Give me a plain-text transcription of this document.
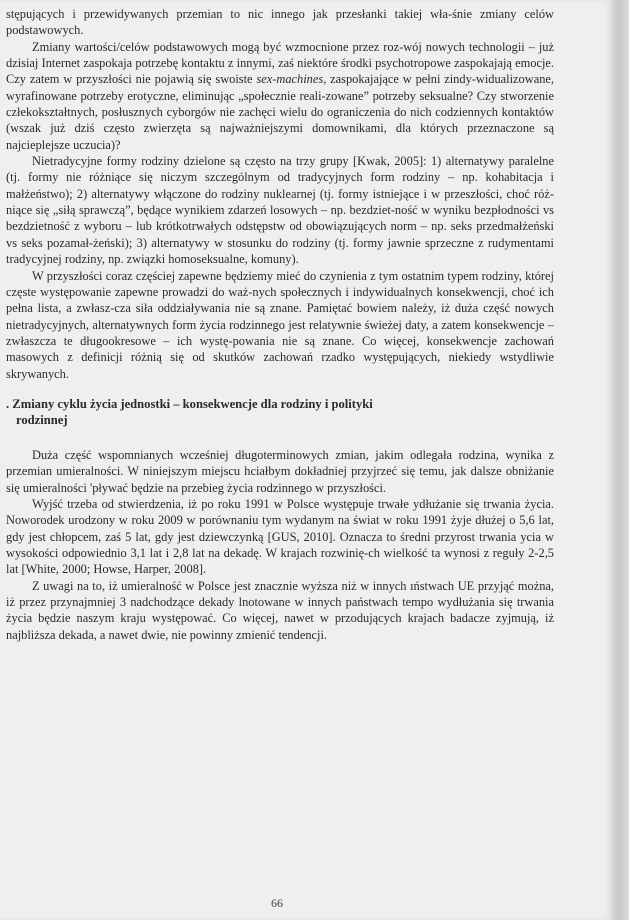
stępujących i przewidywanych przemian to nic innego jak przesłanki takiej wła-śnie zmiany celów podstawowych.

Zmiany wartości/celów podstawowych mogą być wzmocnione przez roz-wój nowych technologii – już dzisiaj Internet zaspokaja potrzebę kontaktu z innymi, zaś niektóre środki psychotropowe zaspokajają emocje. Czy zatem w przyszłości nie pojawią się swoiste sex-machines, zaspokajające w pełni zindy-widualizowane, wyrafinowane potrzeby erotyczne, eliminując „społecznie reali-zowane” potrzeby seksualne? Czy stworzenie człekokształtnych, posłusznych cyborgów nie zachęci wielu do ograniczenia do nich codziennych kontaktów (wszak już dziś często zwierzęta są najważniejszymi domownikami, dla których przeznaczone są najcieplejsze uczucia)?

Nietradycyjne formy rodziny dzielone są często na trzy grupy [Kwak, 2005]: 1) alternatywy paralelne (tj. formy nie różniące się niczym szczególnym od tradycyjnych form rodziny – np. kohabitacja i małżeństwo); 2) alternatywy włączone do rodziny nuklearnej (tj. formy istniejące i w przeszłości, choć róż-niące się „siłą sprawczą”, będące wynikiem zdarzeń losowych – np. bezdziet-ność w wyniku bezpłodności vs bezdzietność z wyboru – lub krótkotrwałych odstępstw od obowiązujących norm – np. seks przedmałżeński vs seks pozamał-żeński); 3) alternatywy w stosunku do rodziny (tj. formy jawnie sprzeczne z rudymentami tradycyjnej rodziny, np. związki homoseksualne, komuny).

W przyszłości coraz częściej zapewne będziemy mieć do czynienia z tym ostatnim typem rodziny, której częste występowanie zapewne prowadzi do waż-nych społecznych i indywidualnych konsekwencji, choć ich pełna lista, a zwłasz-cza siła oddziaływania nie są znane. Pamiętać bowiem należy, iż duża część nowych nietradycyjnych, alternatywnych form życia rodzinnego jest relatywnie świeżej daty, a zatem konsekwencje – zwłaszcza te długookresowe – ich wystę-powania nie są znane. Co więcej, konsekwencje zachowań masowych z definicji różnią się od skutków zachowań rzadko występujących, niekiedy wstydliwie skrywanych.

. Zmiany cyklu życia jednostki – konsekwencje dla rodziny i polityki
rodzinnej

Duża część wspomnianych wcześniej długoterminowych zmian, jakim odlegała rodzina, wynika z przemian umieralności. W niniejszym miejscu hciałbym dokładniej przyjrzeć się temu, jak dalsze obniżanie się umieralności 'pływać będzie na przebieg życia rodzinnego w przyszłości.

Wyjść trzeba od stwierdzenia, iż po roku 1991 w Polsce występuje trwałe ydłużanie się trwania życia. Noworodek urodzony w roku 2009 w porównaniu tym wydanym na świat w roku 1991 żyje dłużej o 5,6 lat, gdy jest chłopcem, zaś 5 lat, gdy jest dziewczynką [GUS, 2010]. Oznacza to średni przyrost trwania ycia w wysokości odpowiednio 3,1 lat i 2,8 lat na dekadę. W krajach rozwinię-ch wielkość ta wynosi z reguły 2-2,5 lat [White, 2000; Howse, Harper, 2008].

Z uwagi na to, iż umieralność w Polsce jest znacznie wyższa niż w innych ıństwach UE przyjąć można, iż przez przynajmniej 3 nadchodzące dekady lnotowane w innych państwach tempo wydłużania się trwania życia będzie naszym kraju występować. Co więcej, nawet w przodujących krajach badacze zyjmują, iż najbliższa dekada, a nawet dwie, nie powinny zmienić tendencji.

66
